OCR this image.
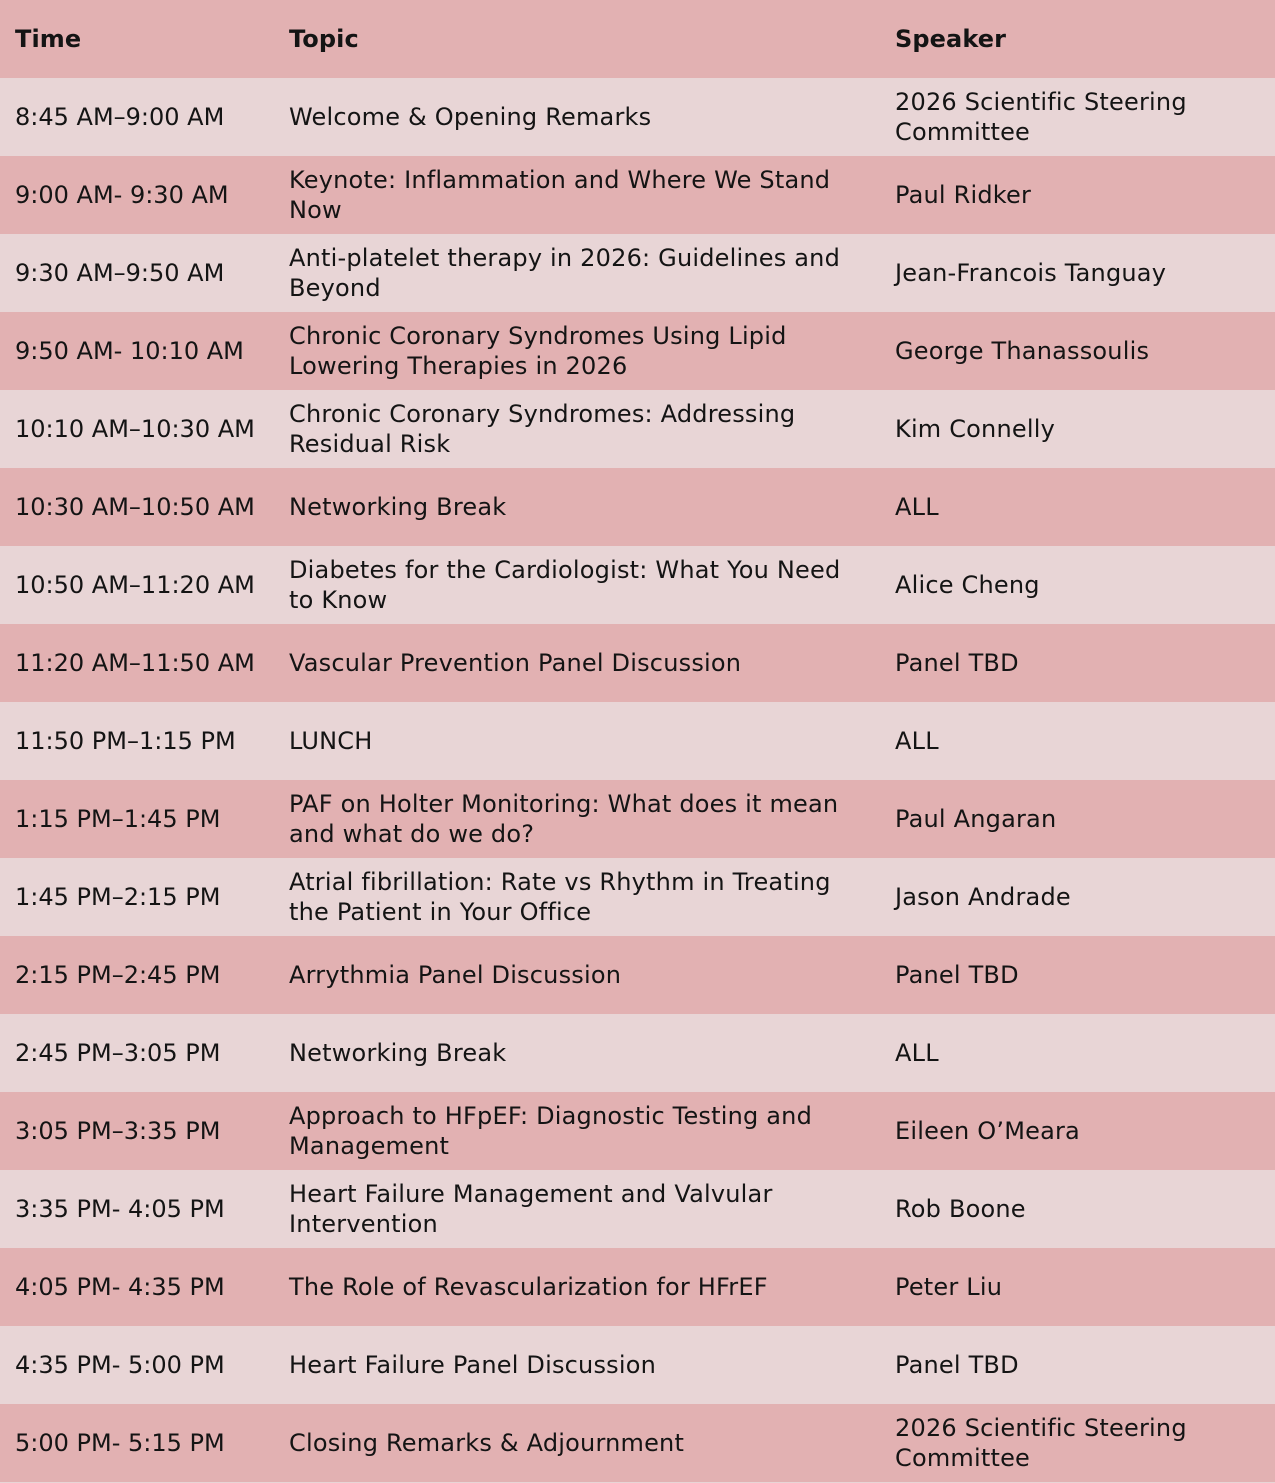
Time	Topic	Speaker
8:45 AM–9:00 AM	Welcome & Opening Remarks	2026 Scientific Steering Committee
9:00 AM- 9:30 AM	Keynote: Inflammation and Where We Stand Now	Paul Ridker
9:30 AM–9:50 AM	Anti-platelet therapy in 2026: Guidelines and Beyond	Jean-Francois Tanguay
9:50 AM- 10:10 AM	Chronic Coronary Syndromes Using Lipid Lowering Therapies in 2026	George Thanassoulis
10:10 AM–10:30 AM	Chronic Coronary Syndromes: Addressing Residual Risk	Kim Connelly
10:30 AM–10:50 AM	Networking Break	ALL
10:50 AM–11:20 AM	Diabetes for the Cardiologist: What You Need to Know	Alice Cheng
11:20 AM–11:50 AM	Vascular Prevention Panel Discussion	Panel TBD
11:50 PM–1:15 PM	LUNCH	ALL
1:15 PM–1:45 PM	PAF on Holter Monitoring: What does it mean and what do we do?	Paul Angaran
1:45 PM–2:15 PM	Atrial fibrillation: Rate vs Rhythm in Treating the Patient in Your Office	Jason Andrade
2:15 PM–2:45 PM	Arrythmia Panel Discussion	Panel TBD
2:45 PM–3:05 PM	Networking Break	ALL
3:05 PM–3:35 PM	Approach to HFpEF: Diagnostic Testing and Management	Eileen O’Meara
3:35 PM- 4:05 PM	Heart Failure Management and Valvular Intervention	Rob Boone
4:05 PM- 4:35 PM	The Role of Revascularization for HFrEF	Peter Liu
4:35 PM- 5:00 PM	Heart Failure Panel Discussion	Panel TBD
5:00 PM- 5:15 PM	Closing Remarks & Adjournment	2026 Scientific Steering Committee
